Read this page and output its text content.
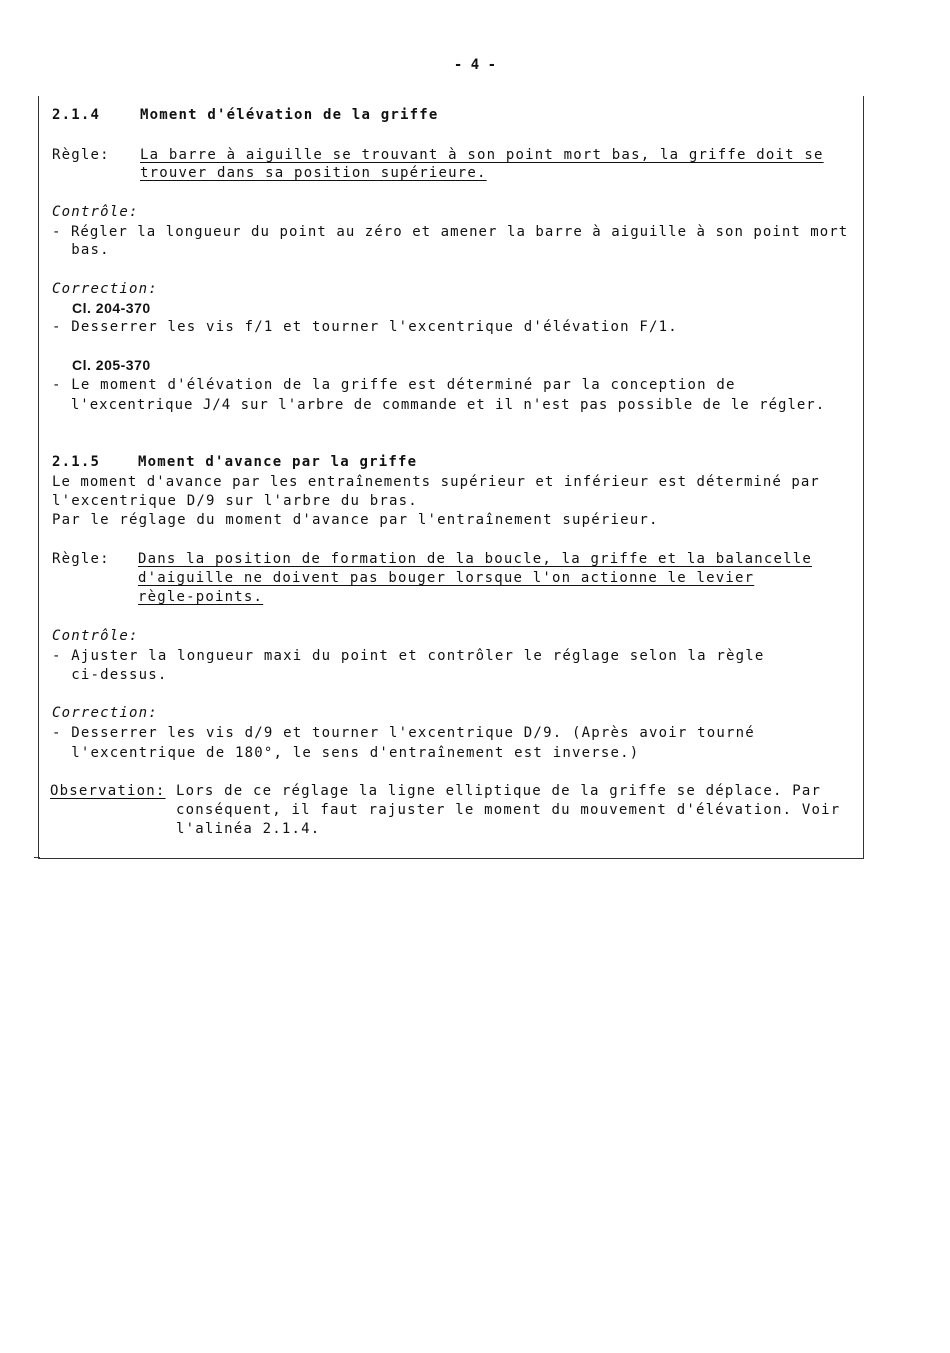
- 4 -
2.1.4	Moment d'élévation de la griffe
Règle: La barre à aiguille se trouvant à son point mort bas, la griffe doit se
trouver dans sa position supérieure.
Contrôle:
- Régler la longueur du point au zéro et amener la barre à aiguille à son point mort
bas.
Correction:
Cl. 204-370
- Desserrer les vis f/1 et tourner l'excentrique d'élévation F/1.
Cl. 205-370
- Le moment d'élévation de la griffe est déterminé par la conception de
l'excentrique J/4 sur l'arbre de commande et il n'est pas possible de le régler.
2.1.5	Moment d'avance par la griffe
Le moment d'avance par les entraînements supérieur et inférieur est déterminé par
l'excentrique D/9 sur l'arbre du bras.
Par le réglage du moment d'avance par l'entraînement supérieur.
Règle: Dans la position de formation de la boucle, la griffe et la balancelle
d'aiguille ne doivent pas bouger lorsque l'on actionne le levier
règle-points.
Contrôle:
- Ajuster la longueur maxi du point et contrôler le réglage selon la règle
ci-dessus.
Correction:
- Desserrer les vis d/9 et tourner l'excentrique D/9. (Après avoir tourné
l'excentrique de 180°, le sens d'entraînement est inverse.)
Observation: Lors de ce réglage la ligne elliptique de la griffe se déplace. Par
conséquent, il faut rajuster le moment du mouvement d'élévation. Voir
l'alinéa 2.1.4.
